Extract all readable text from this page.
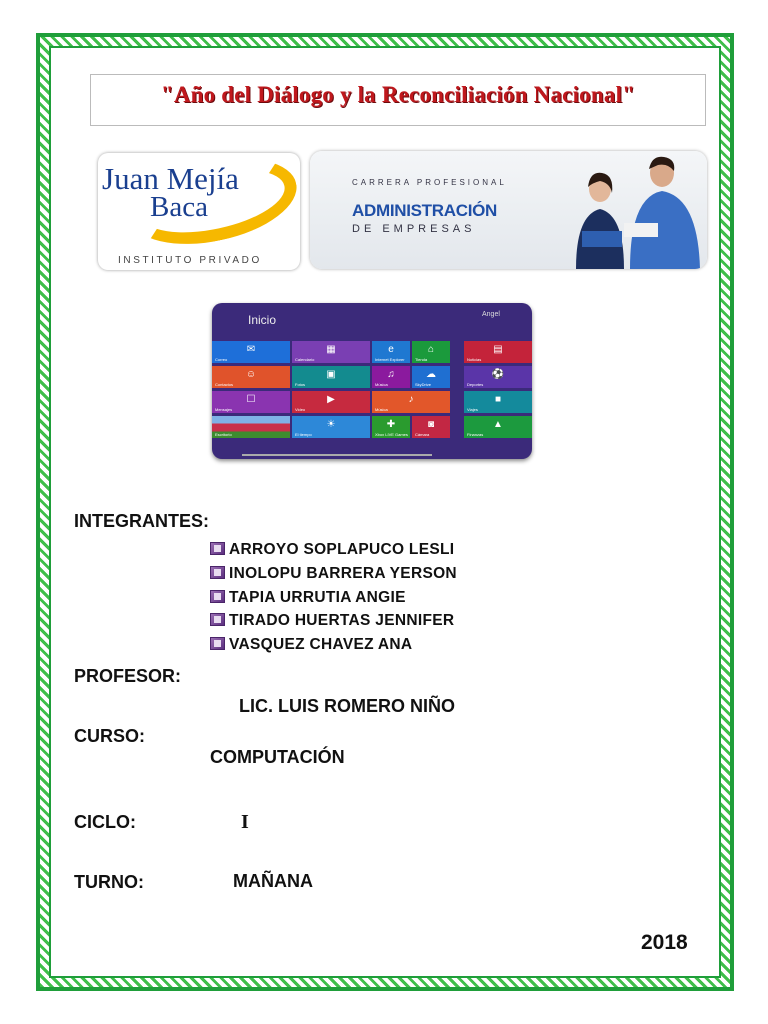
"Año del Diálogo y la Reconciliación Nacional"
Juan Mejía
Baca
INSTITUTO PRIVADO
CARRERA PROFESIONAL
ADMINISTRACIÓN
DE EMPRESAS
Inicio	Angel
✉
Correo
▦
Calendario
e
Internet Explorer
⌂
Tienda
▤
Noticias
☺
Contactos
▣
Fotos
♫
Música
☁
SkyDrive
⚽
Deportes
☐
Mensajes
▶
Video
♪
Música
■
Viajes
Escritorio
☀
El tiempo
✚
Xbox LIVE Games
◙
Cámara
▲
Finanzas
INTEGRANTES:
ARROYO SOPLAPUCO LESLI
INOLOPU BARRERA YERSON
TAPIA URRUTIA ANGIE
TIRADO HUERTAS JENNIFER
VASQUEZ CHAVEZ ANA
PROFESOR:
LIC. LUIS ROMERO NIÑO
CURSO:
COMPUTACIÓN
CICLO:	I
TURNO:	MAÑANA
2018
